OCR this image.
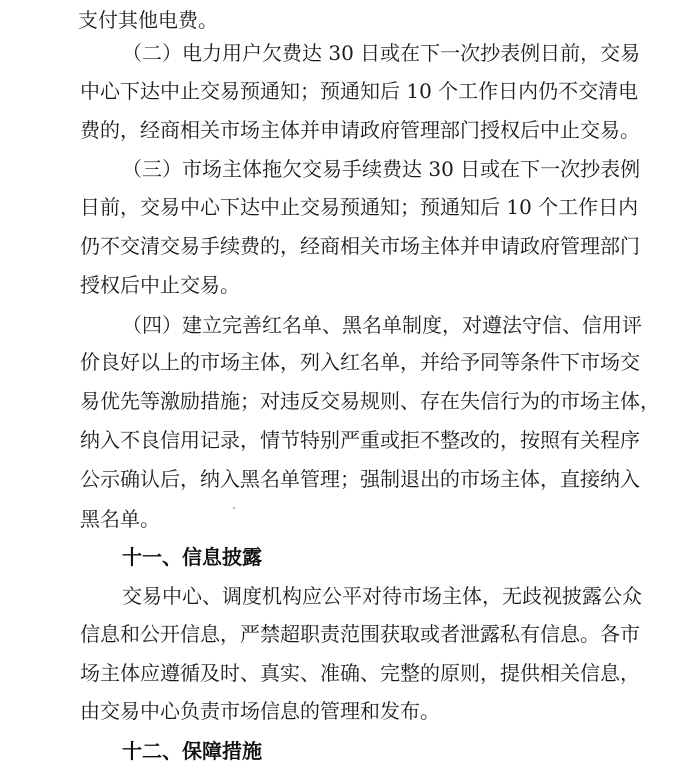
支付其他电费。
（二）电力用户欠费达 30 日或在下一次抄表例日前，交易
中心下达中止交易预通知；预通知后 10 个工作日内仍不交清电
费的，经商相关市场主体并申请政府管理部门授权后中止交易。
（三）市场主体拖欠交易手续费达 30 日或在下一次抄表例
日前，交易中心下达中止交易预通知；预通知后 10 个工作日内
仍不交清交易手续费的，经商相关市场主体并申请政府管理部门
授权后中止交易。
（四）建立完善红名单、黑名单制度，对遵法守信、信用评
价良好以上的市场主体，列入红名单，并给予同等条件下市场交
易优先等激励措施；对违反交易规则、存在失信行为的市场主体，
纳入不良信用记录，情节特别严重或拒不整改的，按照有关程序
公示确认后，纳入黑名单管理；强制退出的市场主体，直接纳入
黑名单。
十一、信息披露
交易中心、调度机构应公平对待市场主体，无歧视披露公众
信息和公开信息，严禁超职责范围获取或者泄露私有信息。各市
场主体应遵循及时、真实、准确、完整的原则，提供相关信息，
由交易中心负责市场信息的管理和发布。
十二、保障措施
